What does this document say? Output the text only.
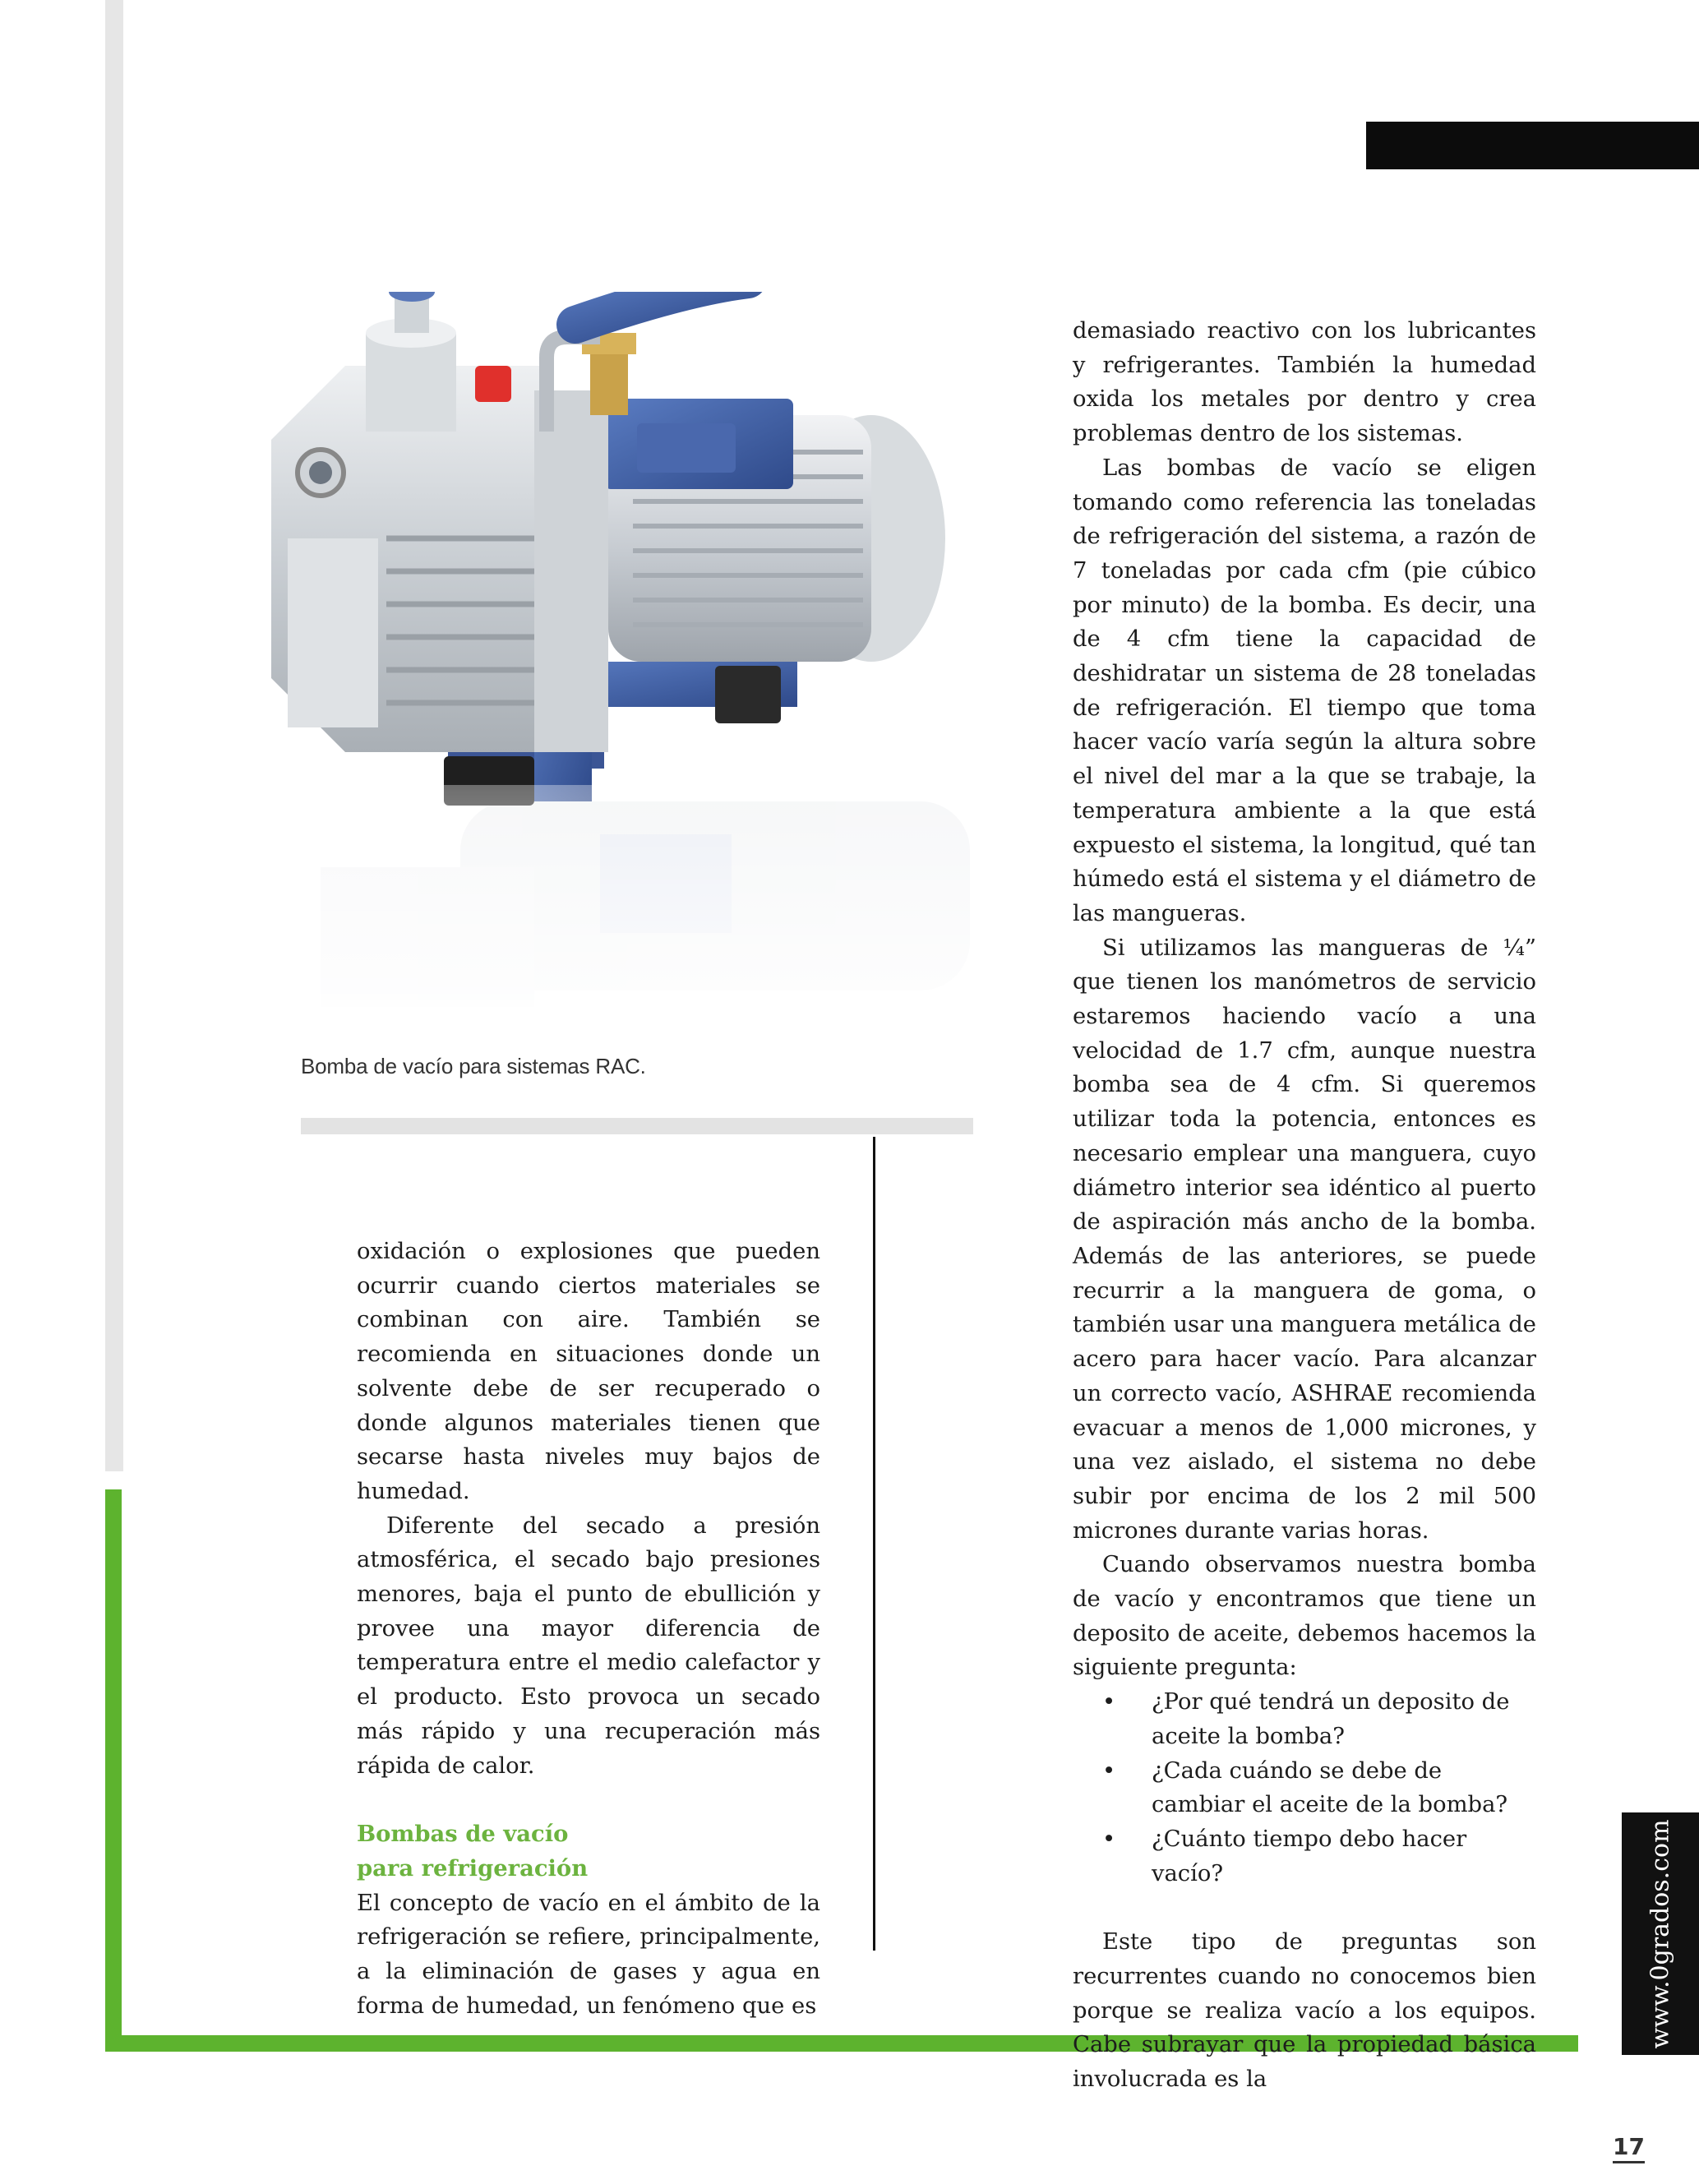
Bomba de vacío para sistemas RAC.

oxidación o explosiones que pueden ocurrir cuando ciertos materiales se combinan con aire. También se recomienda en situaciones donde un solvente debe de ser recuperado o donde algunos materiales tienen que secarse hasta niveles muy bajos de humedad.

Diferente del secado a presión atmosférica, el secado bajo presiones menores, baja el punto de ebullición y provee una mayor diferencia de temperatura entre el medio calefactor y el producto. Esto provoca un secado más rápido y una recuperación más rápida de calor.

Bombas de vacío
para refrigeración

El concepto de vacío en el ámbito de la refrigeración se refiere, principalmente, a la eliminación de gases y agua en forma de humedad, un fenómeno que es

demasiado reactivo con los lubricantes y refrigerantes. También la humedad oxida los metales por dentro y crea problemas dentro de los sistemas.

Las bombas de vacío se eligen tomando como referencia las toneladas de refrigeración del sistema, a razón de 7 toneladas por cada cfm (pie cúbico por minuto) de la bomba. Es decir, una de 4 cfm tiene la capacidad de deshidratar un sistema de 28 toneladas de refrigeración. El tiempo que toma hacer vacío varía según la altura sobre el nivel del mar a la que se trabaje, la temperatura ambiente a la que está expuesto el sistema, la longitud, qué tan húmedo está el sistema y el diámetro de las mangueras.

Si utilizamos las mangueras de ¼” que tienen los manómetros de servicio estaremos haciendo vacío a una velocidad de 1.7 cfm, aunque nuestra bomba sea de 4 cfm. Si queremos utilizar toda la potencia, entonces es necesario emplear una manguera, cuyo diámetro interior sea idéntico al puerto de aspiración más ancho de la bomba. Además de las anteriores, se puede recurrir a la manguera de goma, o también usar una manguera metálica de acero para hacer vacío. Para alcanzar un correcto vacío, ASHRAE recomienda evacuar a menos de 1,000 micrones, y una vez aislado, el sistema no debe subir por encima de los 2 mil 500 micrones durante varias horas.

Cuando observamos nuestra bomba de vacío y encontramos que tiene un deposito de aceite, debemos hacemos la siguiente pregunta:

• ¿Por qué tendrá un deposito de aceite la bomba?
• ¿Cada cuándo se debe de cambiar el aceite de la bomba?
• ¿Cuánto tiempo debo hacer vacío?

Este tipo de preguntas son recurrentes cuando no conocemos bien porque se realiza vacío a los equipos. Cabe subrayar que la propiedad básica involucrada es la

www.0grados.com
17
